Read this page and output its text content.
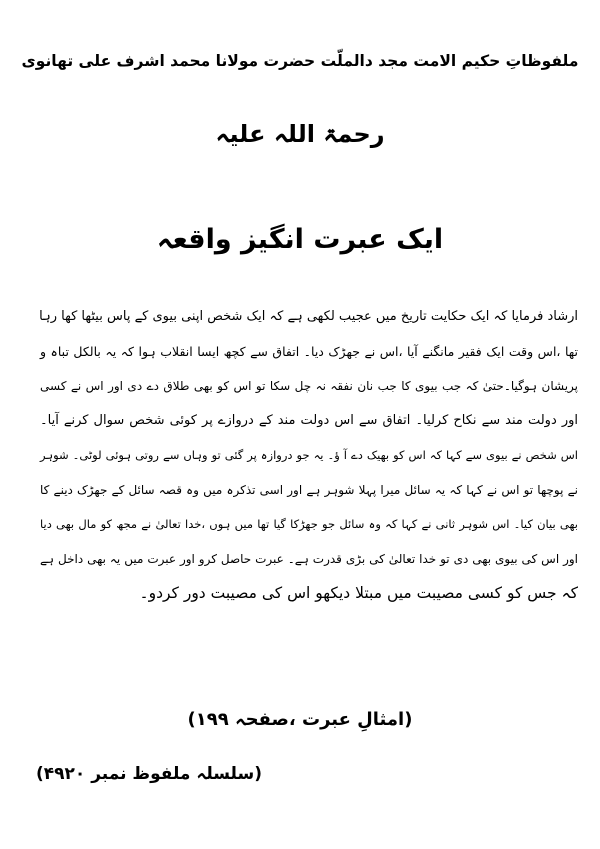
ملفوظاتِ حکیم الامت مجد دالملّت حضرت مولانا محمد اشرف علی تھانوی
رحمۃ اللہ علیہ
ایک عبرت انگیز واقعہ
ارشاد فرمایا کہ ایک حکایت تاریخ میں عجیب لکھی ہے کہ ایک شخص اپنی بیوی کے پاس بیٹھا کھا رہا
تھا ،اس وقت ایک فقیر مانگنے آیا ،اس نے جھڑک دیا۔ اتفاق سے کچھ ایسا انقلاب ہوا کہ یہ بالکل تباہ و
پریشان ہوگیا۔حتیٰ کہ جب بیوی کا جب نان نفقہ نہ چل سکا تو اس کو بھی طلاق دے دی اور اس نے کسی
اور دولت مند سے نکاح کرلیا۔ اتفاق سے اس دولت مند کے دروازے پر کوئی شخص سوال کرنے آیا۔
اس شخص نے بیوی سے کہا کہ اس کو بھیک دے آ ؤ۔ یہ جو دروازہ پر گئی تو وہاں سے روتی ہوئی لوٹی۔ شوہر
نے پوچھا تو اس نے کہا کہ یہ سائل میرا پہلا شوہر ہے اور اسی تذکرہ میں وہ قصہ سائل کے جھڑک دینے کا
بھی بیان کیا۔ اس شوہر ثانی نے کہا کہ وہ سائل جو جھڑکا گیا تھا میں ہوں ،خدا تعالیٰ نے مجھ کو مال بھی دیا
اور اس کی بیوی بھی دی تو خدا تعالیٰ کی بڑی قدرت ہے۔ عبرت حاصل کرو اور عبرت میں یہ بھی داخل ہے
کہ جس کو کسی مصیبت میں مبتلا دیکھو اس کی مصیبت دور کردو۔
(امثالِ عبرت ،صفحہ ۱۹۹)
(سلسلہ ملفوظ نمبر ۴۹۲۰)
